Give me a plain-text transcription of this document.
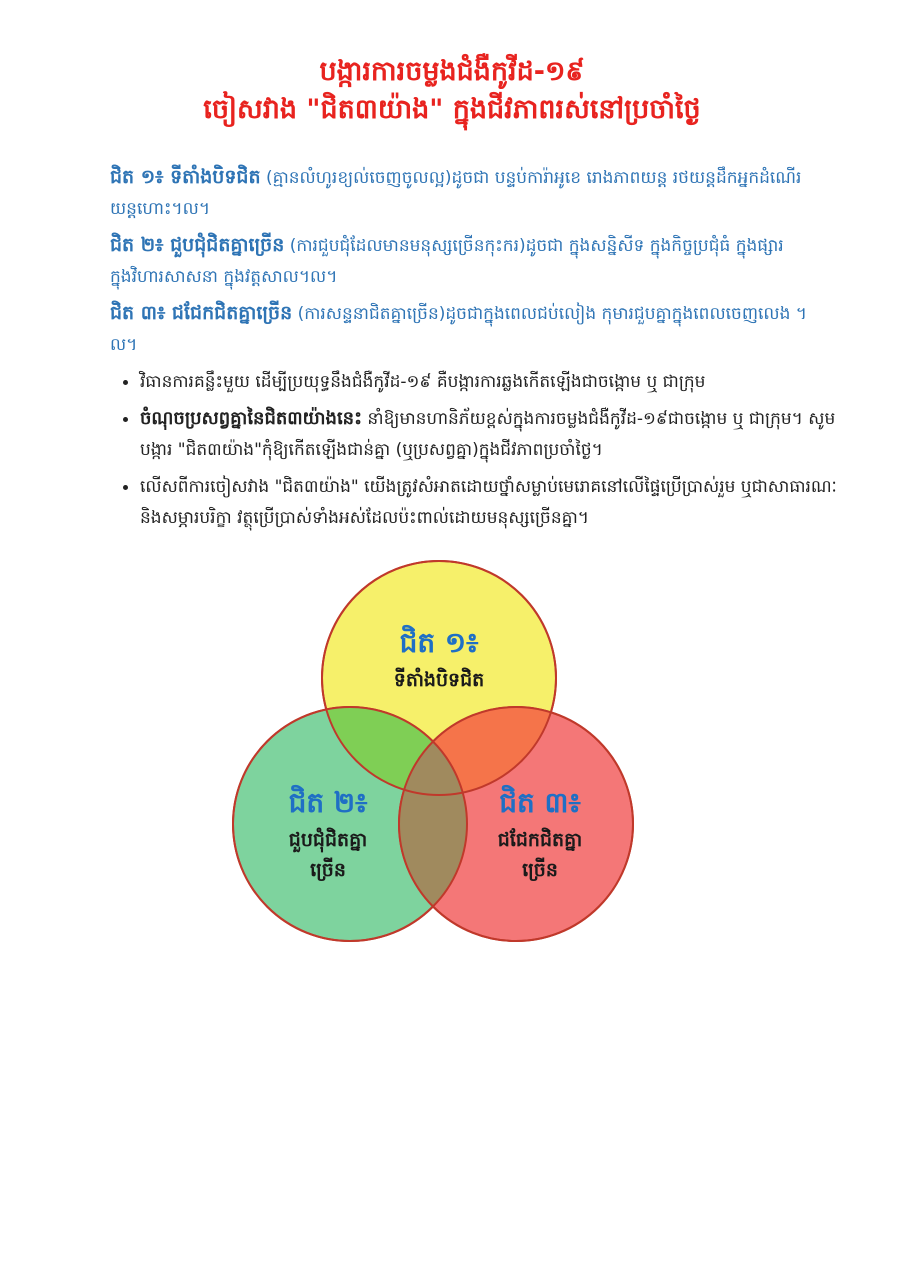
បង្ការការចម្លងជំងឺកូវីដ-១៩
ចៀសវាង "ជិត៣យ៉ាង" ក្នុងជីវភាពរស់នៅប្រចាំថ្ងៃ
ជិត ១៖ ទីតាំងបិទជិត (គ្មានលំហូរខ្យល់ចេញចូលល្អ)ដូចជា បន្ទប់ការ៉ាអូខេ រោងភាពយន្ត រថយន្តដឹកអ្នកដំណើរ យន្តហោះ។ល។
ជិត ២៖ ជួបជុំជិតគ្នាច្រើន (ការជួបជុំដែលមានមនុស្សច្រើនកុះករ)ដូចជា ក្នុងសន្និសីទ ក្នុងកិច្ចប្រជុំធំ ក្នុងផ្សារ ក្នុងវិហារសាសនា ក្នុងវត្តសាល។ល។
ជិត ៣៖ ជជែកជិតគ្នាច្រើន (ការសន្ទនាជិតគ្នាច្រើន)ដូចជាក្នុងពេលជប់លៀង កុមារជួបគ្នាក្នុងពេលចេញលេង ។ល។
• វិធានការគន្លឹះមួយ ដើម្បីប្រយុទ្ធនឹងជំងឺកូវីដ-១៩ គឺបង្ការការឆ្លងកើតឡើងជាចង្កោម ឬ ជាក្រុម
• ចំណុចប្រសព្វគ្នានៃជិត៣យ៉ាងនេះ នាំឱ្យមានហានិភ័យខ្ពស់ក្នុងការចម្លងជំងឺកូវីដ-១៩ជាចង្កោម ឬ ជាក្រុម។ សូមបង្ការ "ជិត៣យ៉ាង"កុំឱ្យកើតឡើងជាន់គ្នា (ឬប្រសព្វគ្នា)ក្នុងជីវភាពប្រចាំថ្ងៃ។
• លើសពីការចៀសវាង "ជិត៣យ៉ាង" យើងត្រូវសំអាតដោយថ្នាំសម្លាប់មេរោគនៅលើផ្ទៃប្រើប្រាស់រួម ឬជាសាធារណៈ និងសម្ភារបរិក្ខា វត្ថុប្រើប្រាស់ទាំងអស់ដែលប៉ះពាល់ដោយមនុស្សច្រើនគ្នា។
ជិត ១៖
ទីតាំងបិទជិត
ជិត ២៖
ជួបជុំជិតគ្នា
ច្រើន
ជិត ៣៖
ជជែកជិតគ្នា
ច្រើន
